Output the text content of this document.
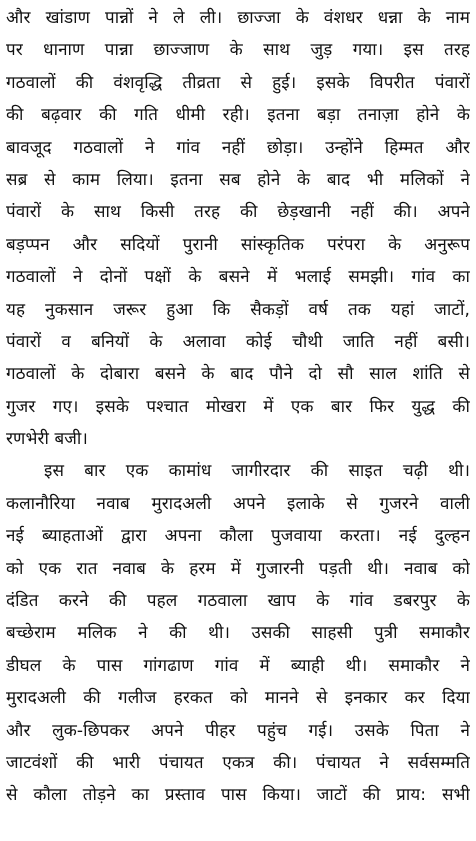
और खांडाण पान्नों ने ले ली। छाज्जा के वंशधर धन्ना के नाम
पर धानाण पान्ना छाज्जाण के साथ जुड़ गया। इस तरह
गठवालों की वंशवृद्धि तीव्रता से हुई। इसके विपरीत पंवारों
की बढ़वार की गति धीमी रही। इतना बड़ा तनाज़ा होने के
बावजूद गठवालों ने गांव नहीं छोड़ा। उन्होंने हिम्मत और
सब्र से काम लिया। इतना सब होने के बाद भी मलिकों ने
पंवारों के साथ किसी तरह की छेड़खानी नहीं की। अपने
बड़प्पन और सदियों पुरानी सांस्कृतिक परंपरा के अनुरूप
गठवालों ने दोनों पक्षों के बसने में भलाई समझी। गांव का
यह नुकसान जरूर हुआ कि सैकड़ों वर्ष तक यहां जाटों,
पंवारों व बनियों के अलावा कोई चौथी जाति नहीं बसी।
गठवालों के दोबारा बसने के बाद पौने दो सौ साल शांति से
गुजर गए। इसके पश्चात मोखरा में एक बार फिर युद्ध की
रणभेरी बजी।
इस बार एक कामांध जागीरदार की साइत चढ़ी थी।
कलानौरिया नवाब मुरादअली अपने इलाके से गुजरने वाली
नई ब्याहताओं द्वारा अपना कौला पुजवाया करता। नई दुल्हन
को एक रात नवाब के हरम में गुजारनी पड़ती थी। नवाब को
दंडित करने की पहल गठवाला खाप के गांव डबरपुर के
बच्छेराम मलिक ने की थी। उसकी साहसी पुत्री समाकौर
डीघल के पास गांगढाण गांव में ब्याही थी। समाकौर ने
मुरादअली की गलीज हरकत को मानने से इनकार कर दिया
और लुक-छिपकर अपने पीहर पहुंच गई। उसके पिता ने
जाटवंशों की भारी पंचायत एकत्र की। पंचायत ने सर्वसम्मति
से कौला तोड़ने का प्रस्ताव पास किया। जाटों की प्राय: सभी
